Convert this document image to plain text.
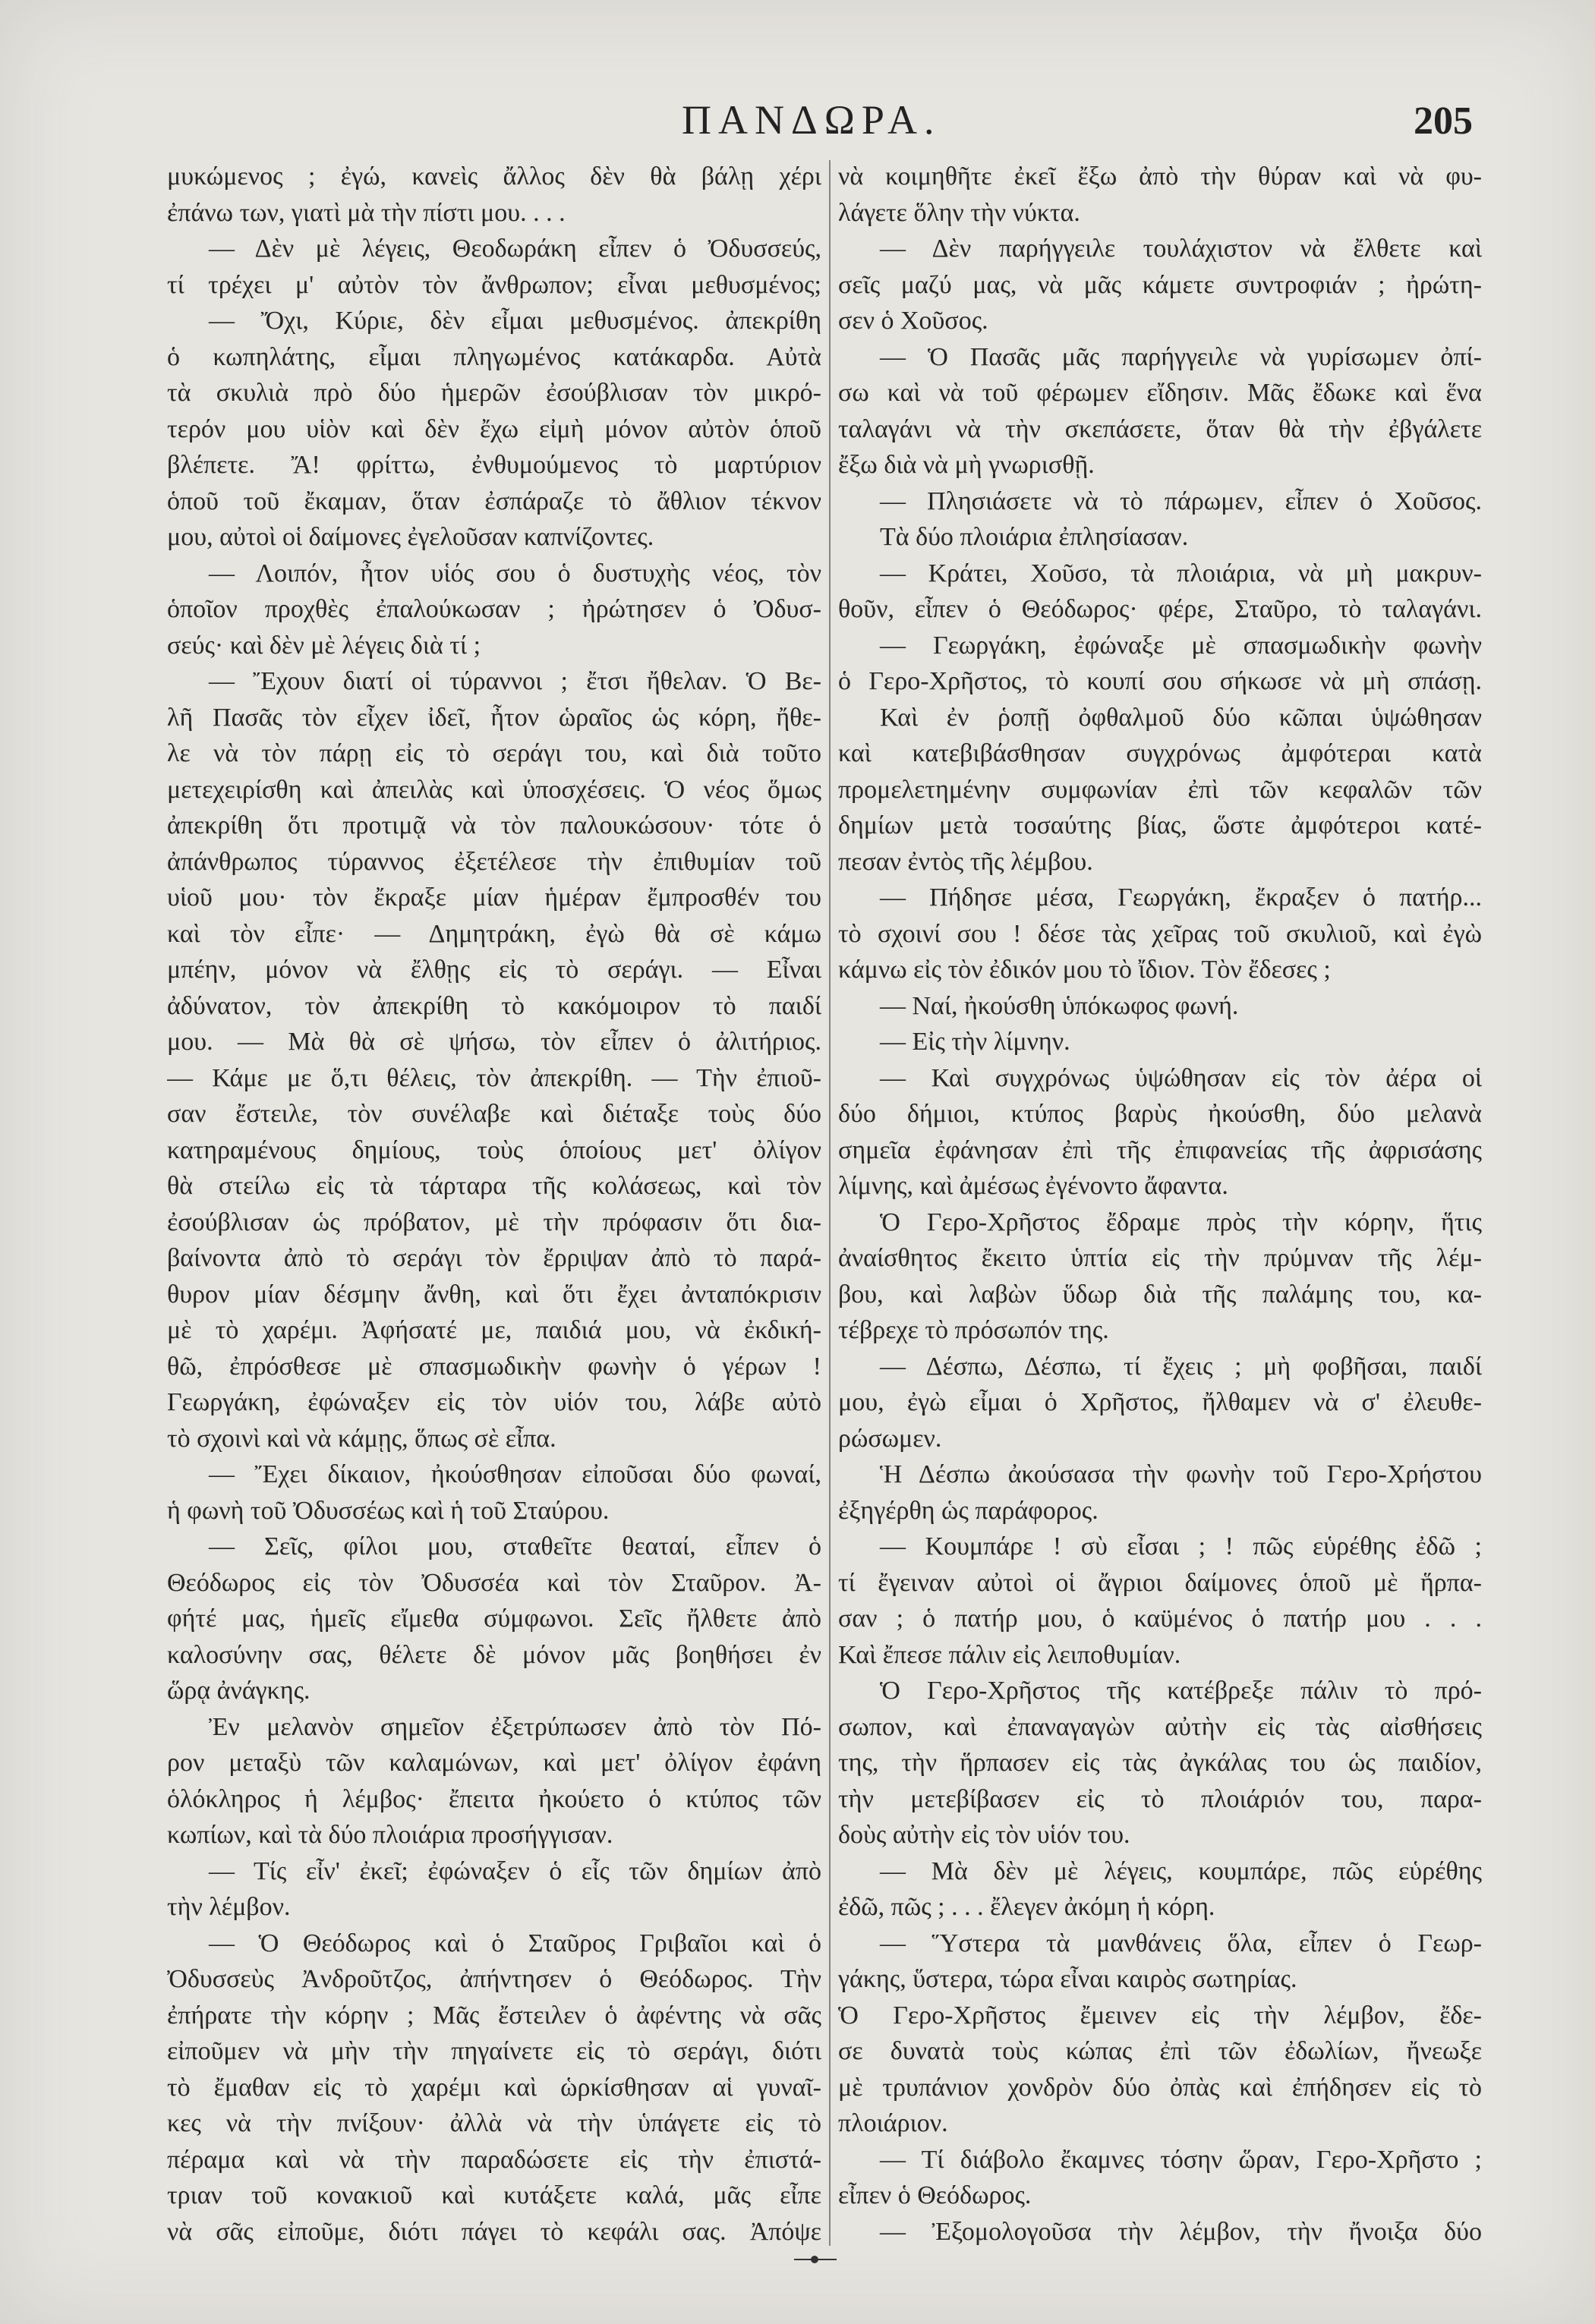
ΠΑΝΔΩΡΑ.	205
μυκώμενος ; ἐγώ, κανεὶς ἄλλος δὲν θὰ βάλῃ χέρι
ἐπάνω των, γιατὶ μὰ τὴν πίστι μου. . . .
— Δὲν μὲ λέγεις, Θεοδωράκη εἶπεν ὁ Ὀδυσσεύς,
τί τρέχει μ' αὐτὸν τὸν ἄνθρωπον; εἶναι μεθυσμένος;
— Ὄχι, Κύριε, δὲν εἶμαι μεθυσμένος. ἀπεκρίθη
ὁ κωπηλάτης, εἶμαι πληγωμένος κατάκαρδα. Αὐτὰ
τὰ σκυλιὰ πρὸ δύο ἡμερῶν ἐσούβλισαν τὸν μικρό-
τερόν μου υἱὸν καὶ δὲν ἔχω εἰμὴ μόνον αὐτὸν ὁποῦ
βλέπετε. Ἄ! φρίττω, ἐνθυμούμενος τὸ μαρτύριον
ὁποῦ τοῦ ἔκαμαν, ὅταν ἐσπάραζε τὸ ἄθλιον τέκνον
μου, αὐτοὶ οἱ δαίμονες ἐγελοῦσαν καπνίζοντες.
— Λοιπόν, ἦτον υἱός σου ὁ δυστυχὴς νέος, τὸν
ὁποῖον προχθὲς ἐπαλούκωσαν ; ἠρώτησεν ὁ Ὀδυσ-
σεύς· καὶ δὲν μὲ λέγεις διὰ τί ;
— Ἔχουν διατί οἱ τύραννοι ; ἔτσι ἤθελαν. Ὁ Βε-
λῆ Πασᾶς τὸν εἶχεν ἰδεῖ, ἦτον ὡραῖος ὡς κόρη, ἤθε-
λε νὰ τὸν πάρῃ εἰς τὸ σεράγι του, καὶ διὰ τοῦτο
μετεχειρίσθη καὶ ἀπειλὰς καὶ ὑποσχέσεις. Ὁ νέος ὅμως
ἀπεκρίθη ὅτι προτιμᾷ νὰ τὸν παλουκώσουν· τότε ὁ
ἀπάνθρωπος τύραννος ἐξετέλεσε τὴν ἐπιθυμίαν τοῦ
υἱοῦ μου· τὸν ἔκραξε μίαν ἡμέραν ἔμπροσθέν του
καὶ τὸν εἶπε· — Δημητράκη, ἐγὼ θὰ σὲ κάμω
μπέην, μόνον νὰ ἔλθῃς εἰς τὸ σεράγι. — Εἶναι
ἀδύνατον, τὸν ἀπεκρίθη τὸ κακόμοιρον τὸ παιδί
μου. — Μὰ θὰ σὲ ψήσω, τὸν εἶπεν ὁ ἀλιτήριος.
— Κάμε με ὅ,τι θέλεις, τὸν ἀπεκρίθη. — Τὴν ἐπιοῦ-
σαν ἔστειλε, τὸν συνέλαβε καὶ διέταξε τοὺς δύο
κατηραμένους δημίους, τοὺς ὁποίους μετ' ὀλίγον
θὰ στείλω εἰς τὰ τάρταρα τῆς κολάσεως, καὶ τὸν
ἐσούβλισαν ὡς πρόβατον, μὲ τὴν πρόφασιν ὅτι δια-
βαίνοντα ἀπὸ τὸ σεράγι τὸν ἔρριψαν ἀπὸ τὸ παρά-
θυρον μίαν δέσμην ἄνθη, καὶ ὅτι ἔχει ἀνταπόκρισιν
μὲ τὸ χαρέμι. Ἀφήσατέ με, παιδιά μου, νὰ ἐκδική-
θῶ, ἐπρόσθεσε μὲ σπασμωδικὴν φωνὴν ὁ γέρων !
Γεωργάκη, ἐφώναξεν εἰς τὸν υἱόν του, λάβε αὐτὸ
τὸ σχοινὶ καὶ νὰ κάμῃς, ὅπως σὲ εἶπα.
— Ἔχει δίκαιον, ἠκούσθησαν εἰποῦσαι δύο φωναί,
ἡ φωνὴ τοῦ Ὀδυσσέως καὶ ἡ τοῦ Σταύρου.
— Σεῖς, φίλοι μου, σταθεῖτε θεαταί, εἶπεν ὁ
Θεόδωρος εἰς τὸν Ὀδυσσέα καὶ τὸν Σταῦρον. Ἀ-
φήτέ μας, ἡμεῖς εἴμεθα σύμφωνοι. Σεῖς ἤλθετε ἀπὸ
καλοσύνην σας, θέλετε δὲ μόνον μᾶς βοηθήσει ἐν
ὥρᾳ ἀνάγκης.
Ἐν μελανὸν σημεῖον ἐξετρύπωσεν ἀπὸ τὸν Πό-
ρον μεταξὺ τῶν καλαμώνων, καὶ μετ' ὀλίγον ἐφάνη
ὁλόκληρος ἡ λέμβος· ἔπειτα ἠκούετο ὁ κτύπος τῶν
κωπίων, καὶ τὰ δύο πλοιάρια προσήγγισαν.
— Τίς εἶν' ἐκεῖ; ἐφώναξεν ὁ εἷς τῶν δημίων ἀπὸ
τὴν λέμβον.
— Ὁ Θεόδωρος καὶ ὁ Σταῦρος Γριβαῖοι καὶ ὁ
Ὀδυσσεὺς Ἀνδροῦτζος, ἀπήντησεν ὁ Θεόδωρος. Τὴν
ἐπήρατε τὴν κόρην ; Μᾶς ἔστειλεν ὁ ἀφέντης νὰ σᾶς
εἰποῦμεν νὰ μὴν τὴν πηγαίνετε εἰς τὸ σεράγι, διότι
τὸ ἔμαθαν εἰς τὸ χαρέμι καὶ ὡρκίσθησαν αἱ γυναῖ-
κες νὰ τὴν πνίξουν· ἀλλὰ νὰ τὴν ὑπάγετε εἰς τὸ
πέραμα καὶ νὰ τὴν παραδώσετε εἰς τὴν ἐπιστά-
τριαν τοῦ κονακιοῦ καὶ κυτάξετε καλά, μᾶς εἶπε
νὰ σᾶς εἰποῦμε, διότι πάγει τὸ κεφάλι σας. Ἀπόψε
νὰ κοιμηθῆτε ἐκεῖ ἔξω ἀπὸ τὴν θύραν καὶ νὰ φυ-
λάγετε ὅλην τὴν νύκτα.
— Δὲν παρήγγειλε τουλάχιστον νὰ ἔλθετε καὶ
σεῖς μαζύ μας, νὰ μᾶς κάμετε συντροφιάν ; ἠρώτη-
σεν ὁ Χοῦσος.
— Ὁ Πασᾶς μᾶς παρήγγειλε νὰ γυρίσωμεν ὀπί-
σω καὶ νὰ τοῦ φέρωμεν εἴδησιν. Μᾶς ἔδωκε καὶ ἕνα
ταλαγάνι νὰ τὴν σκεπάσετε, ὅταν θὰ τὴν ἐβγάλετε
ἔξω διὰ νὰ μὴ γνωρισθῇ.
— Πλησιάσετε νὰ τὸ πάρωμεν, εἶπεν ὁ Χοῦσος.
Τὰ δύο πλοιάρια ἐπλησίασαν.
— Κράτει, Χοῦσο, τὰ πλοιάρια, νὰ μὴ μακρυν-
θοῦν, εἶπεν ὁ Θεόδωρος· φέρε, Σταῦρο, τὸ ταλαγάνι.
— Γεωργάκη, ἐφώναξε μὲ σπασμωδικὴν φωνὴν
ὁ Γερο-Χρῆστος, τὸ κουπί σου σήκωσε νὰ μὴ σπάσῃ.
Καὶ ἐν ῥοπῇ ὀφθαλμοῦ δύο κῶπαι ὑψώθησαν
καὶ κατεβιβάσθησαν συγχρόνως ἀμφότεραι κατὰ
προμελετημένην συμφωνίαν ἐπὶ τῶν κεφαλῶν τῶν
δημίων μετὰ τοσαύτης βίας, ὥστε ἀμφότεροι κατέ-
πεσαν ἐντὸς τῆς λέμβου.
— Πήδησε μέσα, Γεωργάκη, ἔκραξεν ὁ πατήρ...
τὸ σχοινί σου ! δέσε τὰς χεῖρας τοῦ σκυλιοῦ, καὶ ἐγὼ
κάμνω εἰς τὸν ἐδικόν μου τὸ ἴδιον. Τὸν ἔδεσες ;
— Ναί, ἠκούσθη ὑπόκωφος φωνή.
— Εἰς τὴν λίμνην.
— Καὶ συγχρόνως ὑψώθησαν εἰς τὸν ἀέρα οἱ
δύο δήμιοι, κτύπος βαρὺς ἠκούσθη, δύο μελανὰ
σημεῖα ἐφάνησαν ἐπὶ τῆς ἐπιφανείας τῆς ἀφρισάσης
λίμνης, καὶ ἀμέσως ἐγένοντο ἄφαντα.
Ὁ Γερο-Χρῆστος ἔδραμε πρὸς τὴν κόρην, ἥτις
ἀναίσθητος ἔκειτο ὑπτία εἰς τὴν πρύμναν τῆς λέμ-
βου, καὶ λαβὼν ὕδωρ διὰ τῆς παλάμης του, κα-
τέβρεχε τὸ πρόσωπόν της.
— Δέσπω, Δέσπω, τί ἔχεις ; μὴ φοβῆσαι, παιδί
μου, ἐγὼ εἶμαι ὁ Χρῆστος, ἤλθαμεν νὰ σ' ἐλευθε-
ρώσωμεν.
Ἡ Δέσπω ἀκούσασα τὴν φωνὴν τοῦ Γερο-Χρήστου
ἐξηγέρθη ὡς παράφορος.
— Κουμπάρε ! σὺ εἶσαι ; ! πῶς εὑρέθης ἐδῶ ;
τί ἔγειναν αὐτοὶ οἱ ἄγριοι δαίμονες ὁποῦ μὲ ἥρπα-
σαν ; ὁ πατήρ μου, ὁ καϋμένος ὁ πατήρ μου . . .
Καὶ ἔπεσε πάλιν εἰς λειποθυμίαν.
Ὁ Γερο-Χρῆστος τῆς κατέβρεξε πάλιν τὸ πρό-
σωπον, καὶ ἐπαναγαγὼν αὐτὴν εἰς τὰς αἰσθήσεις
της, τὴν ἥρπασεν εἰς τὰς ἀγκάλας του ὡς παιδίον,
τὴν μετεβίβασεν εἰς τὸ πλοιάριόν του, παρα-
δοὺς αὐτὴν εἰς τὸν υἱόν του.
— Μὰ δὲν μὲ λέγεις, κουμπάρε, πῶς εὑρέθης
ἐδῶ, πῶς ; . . . ἔλεγεν ἀκόμη ἡ κόρη.
— Ὕστερα τὰ μανθάνεις ὅλα, εἶπεν ὁ Γεωρ-
γάκης, ὕστερα, τώρα εἶναι καιρὸς σωτηρίας.
Ὁ Γερο-Χρῆστος ἔμεινεν εἰς τὴν λέμβον, ἔδε-
σε δυνατὰ τοὺς κώπας ἐπὶ τῶν ἐδωλίων, ἤνεωξε
μὲ τρυπάνιον χονδρὸν δύο ὀπὰς καὶ ἐπήδησεν εἰς τὸ
πλοιάριον.
— Τί διάβολο ἔκαμνες τόσην ὥραν, Γερο-Χρῆστο ;
εἶπεν ὁ Θεόδωρος.
— Ἐξομολογοῦσα τὴν λέμβον, τὴν ἤνοιξα δύο
